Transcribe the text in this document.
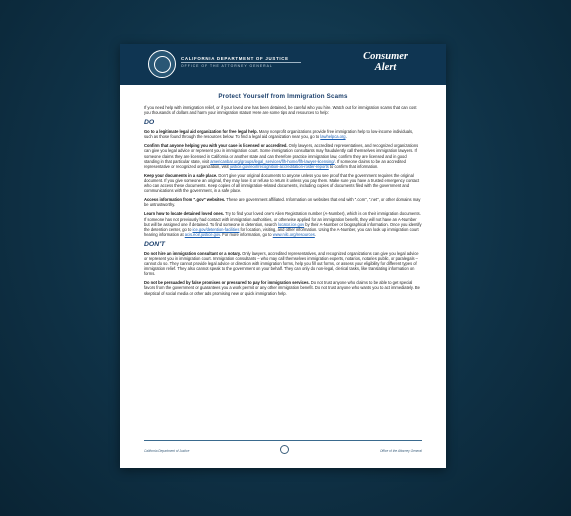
CALIFORNIA DEPARTMENT OF JUSTICE
OFFICE OF THE ATTORNEY GENERAL
Consumer
Alert
Protect Yourself from Immigration Scams

If you need help with immigration relief, or if your loved one has been detained, be careful who you hire. Watch out for immigration scams that can cost you thousands of dollars and harm your immigration status! Here are some tips and resources to help:

DO

Go to a legitimate legal aid organization for free legal help. Many nonprofit organizations provide free immigration help to low-income individuals, such as those found through the resources below. To find a legal aid organization near you, go to lawhelpca.org.

Confirm that anyone helping you with your case is licensed or accredited. Only lawyers, accredited representatives, and recognized organizations can give you legal advice or represent you in immigration court. Some immigration consultants may fraudulently call themselves immigration lawyers. If someone claims they are licensed in California or another state and can therefore practice immigration law, confirm they are licensed and in good standing in that particular state, visit americanbar.org/groups/legal_services/flh-home/flh-lawyer-licensing/. If someone claims to be an accredited representative or recognized organization, visit justice.gov/eoir/recognition-accreditation-roster-reports to confirm that information.

Keep your documents in a safe place. Don't give your original documents to anyone unless you see proof that the government requires the original document. If you give someone an original, they may lose it or refuse to return it unless you pay them. Make sure you have a trusted emergency contact who can access these documents. Keep copies of all immigration-related documents, including copies of documents filed with the government and communications with the government, in a safe place.

Access information from ".gov" websites. These are government affiliated. Information on websites that end with ".com", ".net", or other domains may be untrustworthy.

Learn how to locate detained loved ones. Try to find your loved one's Alien Registration number (A-Number), which is on their immigration documents. If someone has not previously had contact with immigration authorities, or otherwise applied for an immigration benefit, they will not have an A-Number but will be assigned one if detained. To find someone in detention, search locator.ice.gov by their A-Number or biographical information. Once you identify the detention center, go to ice.gov/detention-facilities for location, visiting, and other information. Using the A-Number, you can look up immigration court hearing information at acis.eoir.justice.gov. For more information, go to www.nilc.org/resources.

DON'T

Do not hire an immigration consultant or a notary. Only lawyers, accredited representatives, and recognized organizations can give you legal advice or represent you in immigration court. Immigration consultants – who may call themselves immigration experts, notarios, notaries public, or paralegals – cannot do so. They cannot provide legal advice or direction with immigration forms, help you fill out forms, or assess your eligibility for different types of immigration relief. They also cannot speak to the government on your behalf. They can only do non-legal, clerical tasks, like translating information on forms.

Do not be persuaded by false promises or pressured to pay for immigration services. Do not trust anyone who claims to be able to get special favors from the government or guarantees you a work permit or any other immigration benefit. Do not trust anyone who wants you to act immediately. Be skeptical of social media or other ads promising new or quick immigration help.

California Department of Justice	Office of the Attorney General
